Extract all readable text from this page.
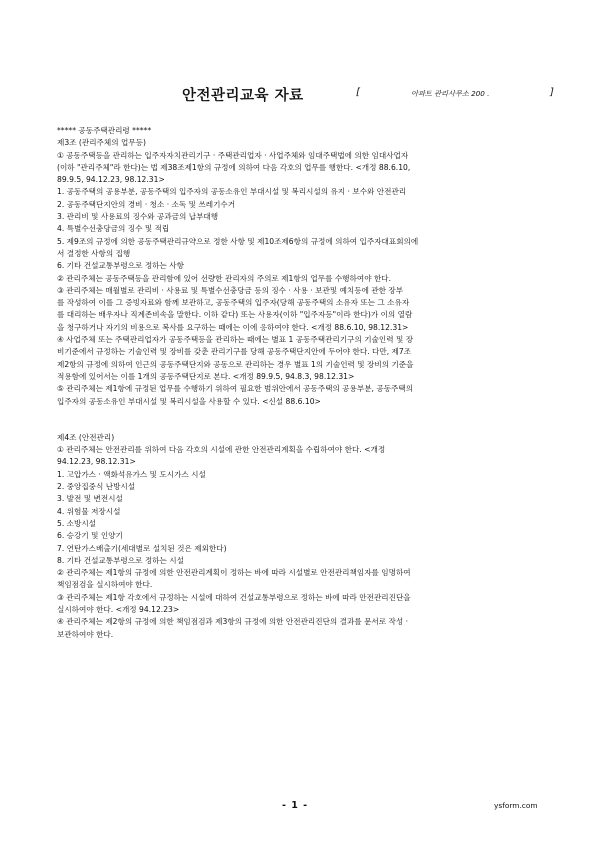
안전관리교육 자료	[	아파트 관리사무소 200 .	]

***** 공동주택관리령 *****

제3조 (관리주체의 업무등)

① 공동주택등을 관리하는 입주자자치관리기구 · 주택관리업자 · 사업주체와 임대주택법에 의한 임대사업자

(이하 "관리주체"라 한다)는 법 제38조제1항의 규정에 의하여 다음 각호의 업무를 행한다. <개정 88.6.10,

89.9.5, 94.12.23, 98.12.31>

1. 공동주택의 공용부분, 공동주택의 입주자의 공동소유인 부대시설 및 복리시설의 유지 · 보수와 안전관리

2. 공동주택단지안의 경비 · 청소 · 소독 및 쓰레기수거

3. 관리비 및 사용료의 징수와 공과금의 납부대행

4. 특별수선충당금의 징수 및 적립

5. 제9조의 규정에 의한 공동주택관리규약으로 정한 사항 및 제10조제6항의 규정에 의하여 입주자대표회의에

서 결정한 사항의 집행

6. 기타 건설교통부령으로 정하는 사항

② 관리주체는 공동주택등을 관리함에 있어 선량한 관리자의 주의로 제1항의 업무를 수행하여야 한다.

③ 관리주체는 매월별로 관리비 · 사용료 및 특별수선충당금 등의 징수 · 사용 · 보관및 예치등에 관한 장부

를 작성하여 이를 그 증빙자료와 함께 보관하고, 공동주택의 입주자(당해 공동주택의 소유자 또는 그 소유자

를 대리하는 배우자나 직계존비속을 말한다. 이하 같다) 또는 사용자(이하 "입주자등"이라 한다)가 이의 열람

을 청구하거나 자기의 비용으로 복사를 요구하는 때에는 이에 응하여야 한다. <개정 88.6.10, 98.12.31>

④ 사업주체 또는 주택관리업자가 공동주택등을 관리하는 때에는 별표 1 공동주택관리기구의 기술인력 및 장

비기준에서 규정하는 기술인력 및 장비를 갖춘 관리기구를 당해 공동주택단지안에 두어야 한다. 다만, 제7조

제2항의 규정에 의하여 인근의 공동주택단지와 공동으로 관리하는 경우 별표 1의 기술인력 및 장비의 기준을

적용함에 있어서는 이를 1개의 공동주택단지로 본다. <개정 89.9.5, 94.8.3, 98.12.31>

⑤ 관리주체는 제1항에 규정된 업무를 수행하기 위하여 필요한 범위안에서 공동주택의 공용부분, 공동주택의

입주자의 공동소유인 부대시설 및 복리시설을 사용할 수 있다. <신설 88.6.10>

제4조 (안전관리)

① 관리주체는 안전관리를 위하여 다음 각호의 시설에 관한 안전관리계획을 수립하여야 한다. <개정

94.12.23, 98.12.31>

1. 고압가스 · 액화석유가스 및 도시가스 시설

2. 중앙집중식 난방시설

3. 발전 및 변전시설

4. 위험물 저장시설

5. 소방시설

6. 승강기 및 인양기

7. 연탄가스배출기(세대별로 설치된 것은 제외한다)

8. 기타 건설교통부령으로 정하는 시설

② 관리주체는 제1항의 규정에 의한 안전관리계획이 정하는 바에 따라 시설별로 안전관리책임자를 임명하여

책임점검을 실시하여야 한다.

③ 관리주체는 제1항 각호에서 규정하는 시설에 대하여 건설교통부령으로 정하는 바에 따라 안전관리진단을

실시하여야 한다. <개정 94.12.23>

④ 관리주체는 제2항의 규정에 의한 책임점검과 제3항의 규정에 의한 안전관리진단의 결과를 문서로 작성 ·

보관하여야 한다.

- 1 -	ysform.com
